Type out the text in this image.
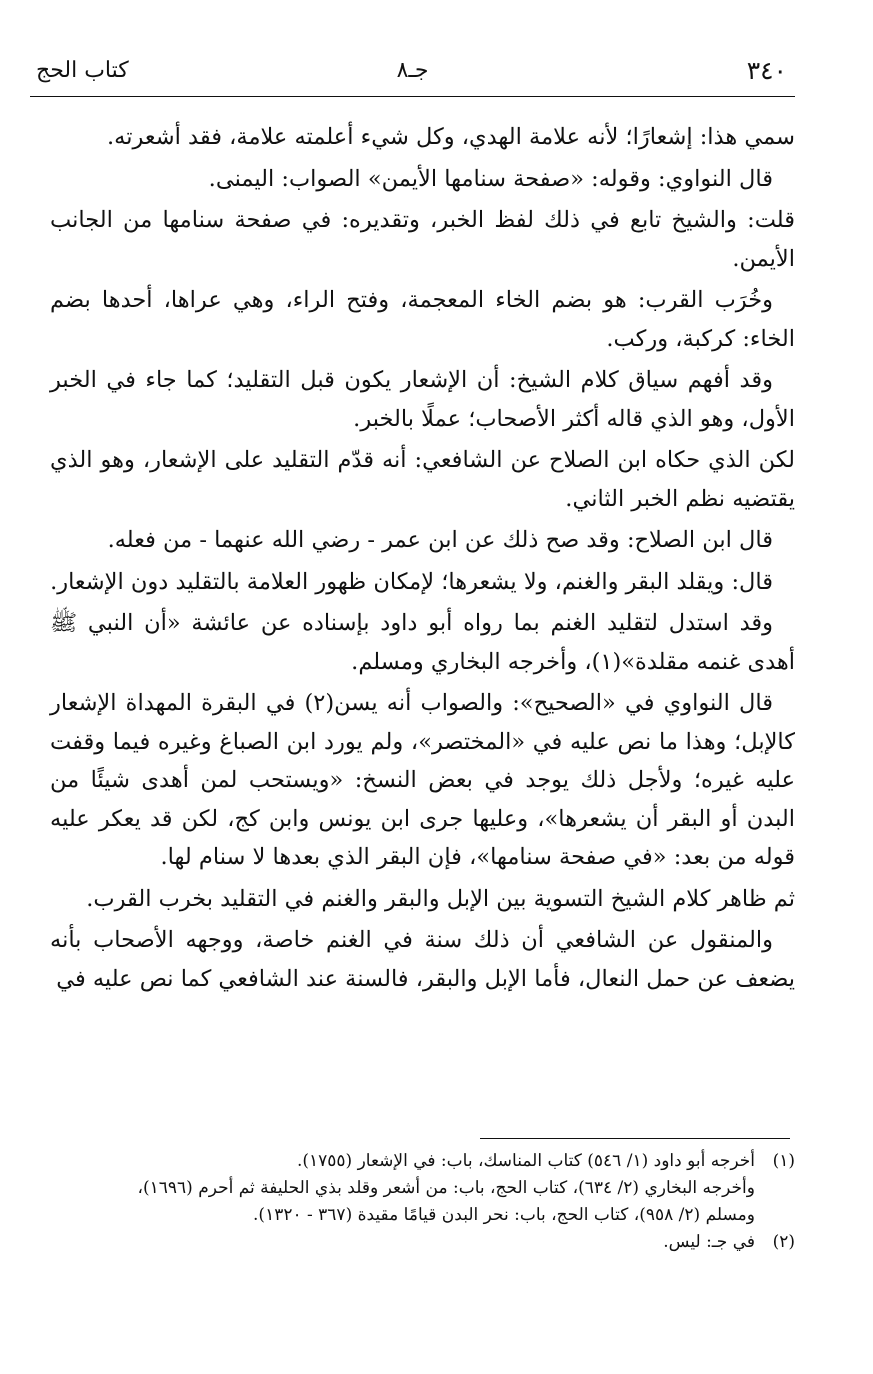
٣٤٠
جـ٨
كتاب الحج

سمي هذا: إشعارًا؛ لأنه علامة الهدي، وكل شيء أعلمته علامة، فقد أشعرته.

قال النواوي: وقوله: «صفحة سنامها الأيمن» الصواب: اليمنى.

قلت: والشيخ تابع في ذلك لفظ الخبر، وتقديره: في صفحة سنامها من الجانب الأيمن.

وخُرَب القرب: هو بضم الخاء المعجمة، وفتح الراء، وهي عراها، أحدها بضم الخاء: كركبة، وركب.

وقد أفهم سياق كلام الشيخ: أن الإشعار يكون قبل التقليد؛ كما جاء في الخبر الأول، وهو الذي قاله أكثر الأصحاب؛ عملًا بالخبر.

لكن الذي حكاه ابن الصلاح عن الشافعي: أنه قدّم التقليد على الإشعار، وهو الذي يقتضيه نظم الخبر الثاني.

قال ابن الصلاح: وقد صح ذلك عن ابن عمر - رضي الله عنهما - من فعله.

قال: ويقلد البقر والغنم، ولا يشعرها؛ لإمكان ظهور العلامة بالتقليد دون الإشعار.

وقد استدل لتقليد الغنم بما رواه أبو داود بإسناده عن عائشة «أن النبي ﷺ أهدى غنمه مقلدة»(١)، وأخرجه البخاري ومسلم.

قال النواوي في «الصحيح»: والصواب أنه يسن(٢) في البقرة المهداة الإشعار كالإبل؛ وهذا ما نص عليه في «المختصر»، ولم يورد ابن الصباغ وغيره فيما وقفت عليه غيره؛ ولأجل ذلك يوجد في بعض النسخ: «ويستحب لمن أهدى شيئًا من البدن أو البقر أن يشعرها»، وعليها جرى ابن يونس وابن كج، لكن قد يعكر عليه قوله من بعد: «في صفحة سنامها»، فإن البقر الذي بعدها لا سنام لها.

ثم ظاهر كلام الشيخ التسوية بين الإبل والبقر والغنم في التقليد بخرب القرب.

والمنقول عن الشافعي أن ذلك سنة في الغنم خاصة، ووجهه الأصحاب بأنه يضعف عن حمل النعال، فأما الإبل والبقر، فالسنة عند الشافعي كما نص عليه في

(١)
أخرجه أبو داود (١/ ٥٤٦) كتاب المناسك، باب: في الإشعار (١٧٥٥).
وأخرجه البخاري (٢/ ٦٣٤)، كتاب الحج، باب: من أشعر وقلد بذي الحليفة ثم أحرم (١٦٩٦)،
ومسلم (٢/ ٩٥٨)، كتاب الحج، باب: نحر البدن قيامًا مقيدة (٣٦٧ - ١٣٢٠).
(٢)
في جـ: ليس.
